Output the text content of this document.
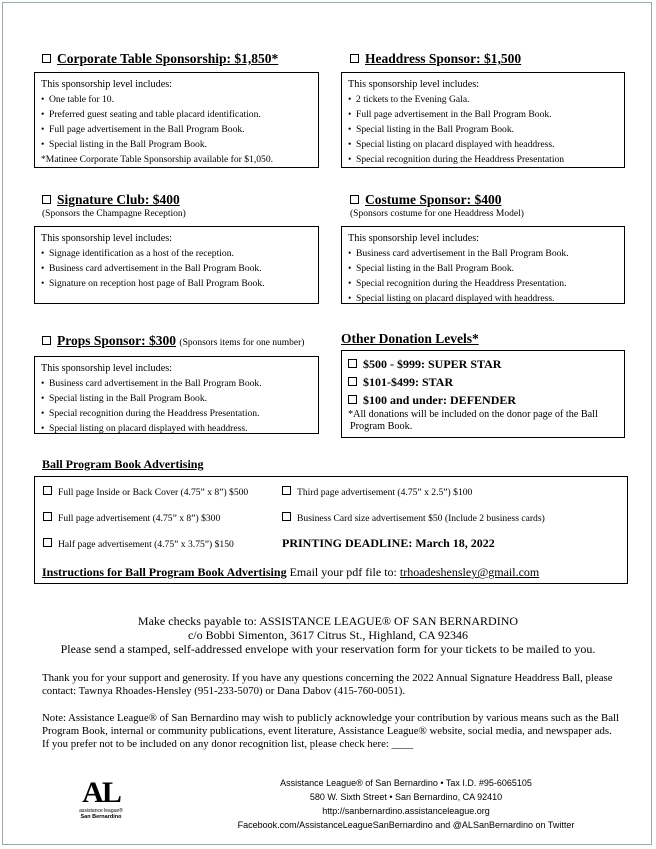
Corporate Table Sponsorship: $1,850*
This sponsorship level includes:
• One table for 10.
• Preferred guest seating and table placard identification.
• Full page advertisement in the Ball Program Book.
• Special listing in the Ball Program Book.
*Matinee Corporate Table Sponsorship available for $1,050.
Headdress Sponsor: $1,500
This sponsorship level includes:
• 2 tickets to the Evening Gala.
• Full page advertisement in the Ball Program Book.
• Special listing in the Ball Program Book.
• Special listing on placard displayed with headdress.
• Special recognition during the Headdress Presentation
Signature Club: $400
(Sponsors the Champagne Reception)
This sponsorship level includes:
• Signage identification as a host of the reception.
• Business card advertisement in the Ball Program Book.
• Signature on reception host page of Ball Program Book.
Costume Sponsor: $400
(Sponsors costume for one Headdress Model)
This sponsorship level includes:
• Business card advertisement in the Ball Program Book.
• Special listing in the Ball Program Book.
• Special recognition during the Headdress Presentation.
• Special listing on placard displayed with headdress.
Props Sponsor: $300 (Sponsors items for one number)
This sponsorship level includes:
• Business card advertisement in the Ball Program Book.
• Special listing in the Ball Program Book.
• Special recognition during the Headdress Presentation.
• Special listing on placard displayed with headdress.
Other Donation Levels*
$500 - $999: SUPER STAR
$101-$499: STAR
$100 and under: DEFENDER
*All donations will be included on the donor page of the Ball Program Book.
Ball Program Book Advertising
Full page Inside or Back Cover (4.75” x 8”) $500	Third page advertisement (4.75” x 2.5”) $100
Full page advertisement (4.75” x 8”) $300	Business Card size advertisement $50 (Include 2 business cards)
Half page advertisement (4.75” x 3.75”) $150	PRINTING DEADLINE: March 18, 2022
Instructions for Ball Program Book Advertising Email your pdf file to: trhoadeshensley@gmail.com
Make checks payable to: ASSISTANCE LEAGUE® OF SAN BERNARDINO
c/o Bobbi Simenton, 3617 Citrus St., Highland, CA 92346
Please send a stamped, self-addressed envelope with your reservation form for your tickets to be mailed to you.
Thank you for your support and generosity. If you have any questions concerning the 2022 Annual Signature Headdress Ball, please contact: Tawnya Rhoades-Hensley (951-233-5070) or Dana Dabov (415-760-0051).
Note: Assistance League® of San Bernardino may wish to publicly acknowledge your contribution by various means such as the Ball Program Book, internal or community publications, event literature, Assistance League® website, social media, and newspaper ads. If you prefer not to be included on any donor recognition list, please check here: ____
AL
assistance league®
San Bernardino
Assistance League® of San Bernardino • Tax I.D. #95-6065105
580 W. Sixth Street • San Bernardino, CA 92410
http://sanbernardino.assistanceleague.org
Facebook.com/AssistanceLeagueSanBernardino and @ALSanBernardino on Twitter
